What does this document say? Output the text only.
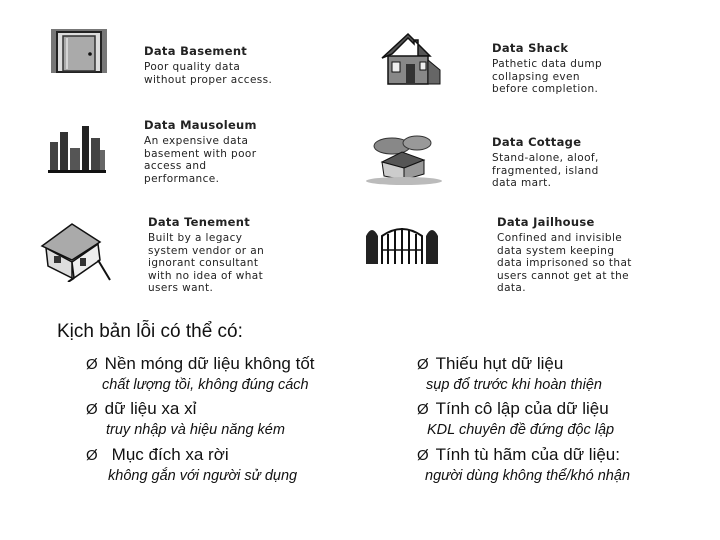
Data Basement
Poor quality data
without proper access.
Data Shack
Pathetic data dump
collapsing even
before completion.
Data Mausoleum
An expensive data
basement with poor
access and
performance.
Data Cottage
Stand-alone, aloof,
fragmented, island
data mart.
Data Tenement
Built by a legacy
system vendor or an
ignorant consultant
with no idea of what
users want.
Data Jailhouse
Confined and invisible
data system keeping
data imprisoned so that
users cannot get at the
data.
Kịch bản lỗi có thể có:
Ø Nền móng dữ liệu không tốt
chất lượng tồi, không đúng cách
Ø dữ liệu xa xỉ
truy nhập và hiệu năng kém
Ø Mục đích xa rời
không gắn với người sử dụng
Ø Thiếu hụt dữ liệu
sụp đổ trước khi hoàn thiện
Ø Tính cô lập của dữ liệu
KDL chuyên đề đứng độc lập
Ø Tính tù hãm của dữ liệu:
người dùng không thể/khó nhận
